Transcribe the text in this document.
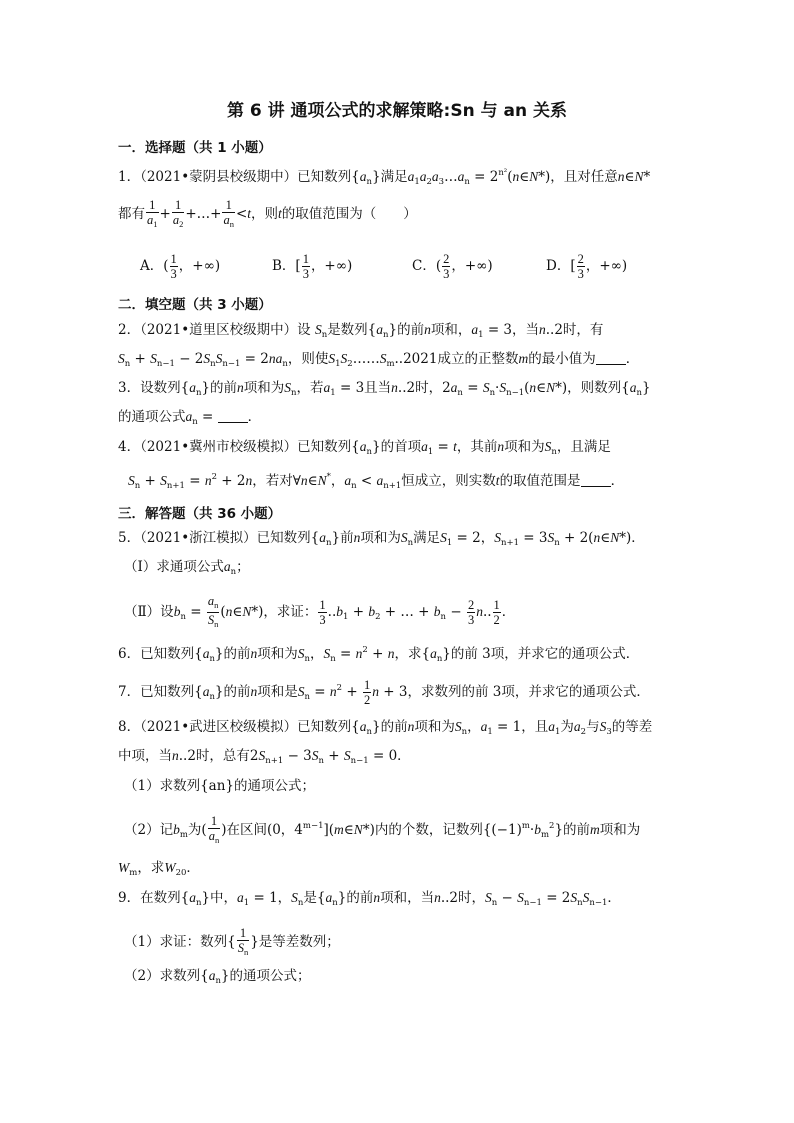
第 6 讲 通项公式的求解策略:Sn 与 an 关系
一．选择题（共 1 小题）
1．（2021•蒙阴县校级期中）已知数列$\{a_n\}$满足$a_1a_2a_3\dots a_n$ = $2^{n^2}(n\in N*)$，且对任意n∈N*
都有 $\frac{1}{a_1} + \frac{1}{a_2}$ +…+ $\frac{1}{a_n} <t$，则t的取值范围为（　　）
A．( $\frac{1}{3}$ ，+∞)	B．[ $\frac{1}{3}$ ，+∞)	C．( $\frac{2}{3}$ ，+∞)	D．[ $\frac{2}{3}$ ，+∞)
二．填空题（共 3 小题）
2．（2021•道里区校级期中）设 $S_n$是数列$\{a_n\}$的前n项和，$a_1 = 3$，当n..2时，有
$S_n + S_{n-1} - 2S_nS_{n-1} = 2na_n$，则使$S_1S_2\dots\dots S_m..2021$成立的正整数m的最小值为 ．
3．设数列$\{a_n\}$的前n项和为$S_n$，若$a_1 = 3$且当n..2时，$2a_n$ = $S_n\cdot S_{n-1}(n\in N*)$，则数列$\{a_n\}$
的通项公式$a_n$ = ．
4．（2021•冀州市校级模拟）已知数列$\{a_n\}$的首项$a_1 = t$，其前n项和为$S_n$，且满足
$S_n + S_{n+1} = n^2 + 2n$，若对∀n∈N*，$a_n < a_{n+1}$恒成立，则实数t的取值范围是 ．
三．解答题（共 36 小题）
5．（2021•浙江模拟）已知数列$\{a_n\}$前n项和为$S_n$满足$S_1 = 2$，$S_{n+1} = 3S_n$ + 2(n∈N*)．
（Ⅰ）求通项公式$a_n$；
（Ⅱ）设$b_n = \frac{a_n}{S_n}$ (n∈N*)，求证： $\frac{1}{3} ..b_1 + b_2$ + … + $b_n - \frac{2}{3} n$.. $\frac{1}{2}$ ．
6．已知数列$\{a_n\}$的前n项和为$S_n$，$S_n = n^2 + n$，求$\{a_n\}$的前 3项，并求它的通项公式．
7．已知数列$\{a_n\}$的前n项和是$S_n = n^2 + \frac{1}{2}$ n + 3，求数列的前 3项，并求它的通项公式．
8．（2021•武进区校级模拟）已知数列$\{a_n\}$的前n项和为$S_n$，$a_1 = 1$，且$a_1$为$a_2$与$S_3$的等差
中项，当n..2时，总有$2S_{n+1} - 3S_n + S_{n-1} = 0$．
（1）求数列{an}的通项公式；
（2）记$b_m$为( $\frac{1}{a_n}$ )在区间(0，$4^{m-1}](m\in N*)$内的个数，记数列$\{(-1)^m\cdot b_m^2\}$的前m项和为
$W_m$，求$W_{20}$．
9．在数列$\{a_n\}$中，$a_1 = 1$，$S_n$是$\{a_n\}$的前n项和，当n..2时，$S_n - S_{n-1} = 2S_nS_{n-1}$．
（1）求证：数列{ $\frac{1}{S_n}$ }是等差数列；
（2）求数列$\{a_n\}$的通项公式；
